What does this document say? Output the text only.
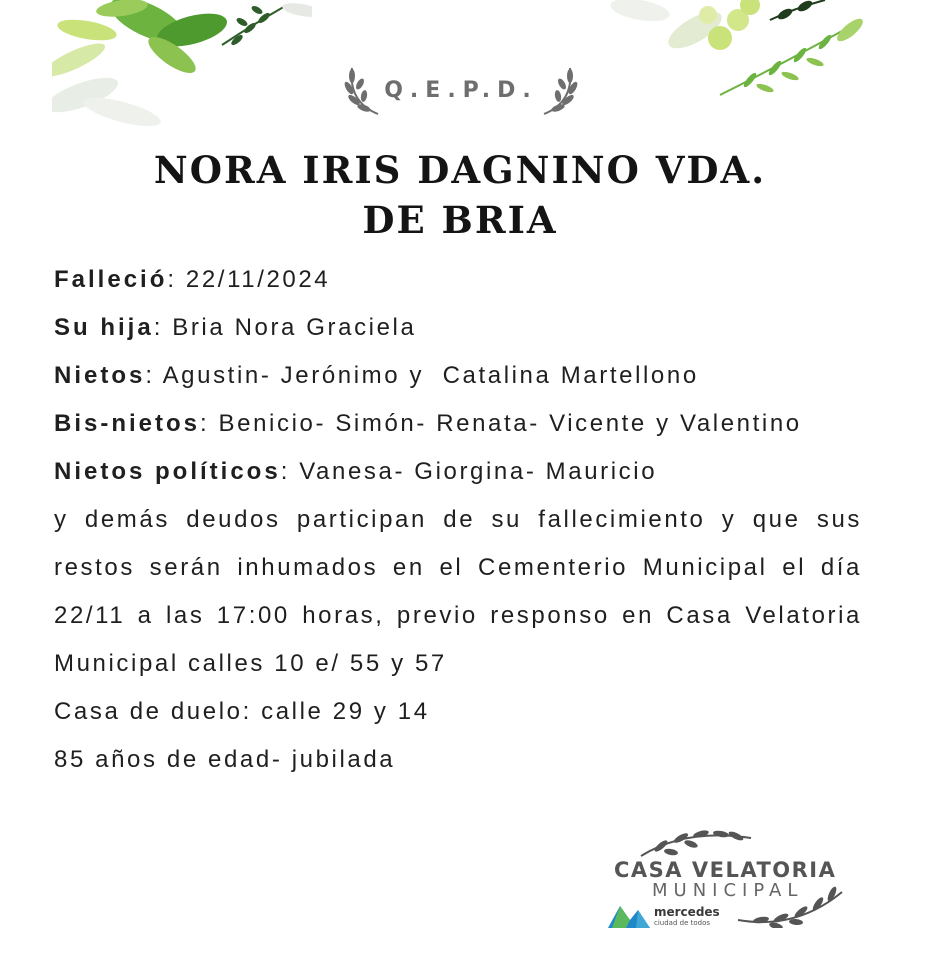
Q.E.P.D.
NORA IRIS DAGNINO VDA.
DE BRIA

Falleció: 22/11/2024

Su hija: Bria Nora Graciela

Nietos: Agustin- Jerónimo y  Catalina Martellono

Bis-nietos: Benicio- Simón- Renata- Vicente y Valentino

Nietos políticos: Vanesa- Giorgina- Mauricio

y demás deudos participan de su fallecimiento y que sus restos serán inhumados en el Cementerio Municipal el día 22/11 a las 17:00 horas, previo responso en Casa Velatoria Municipal calles 10 e/ 55 y 57

Casa de duelo: calle 29 y 14

85 años de edad- jubilada

CASA VELATORIA
MUNICIPAL
mercedes
ciudad de todos
